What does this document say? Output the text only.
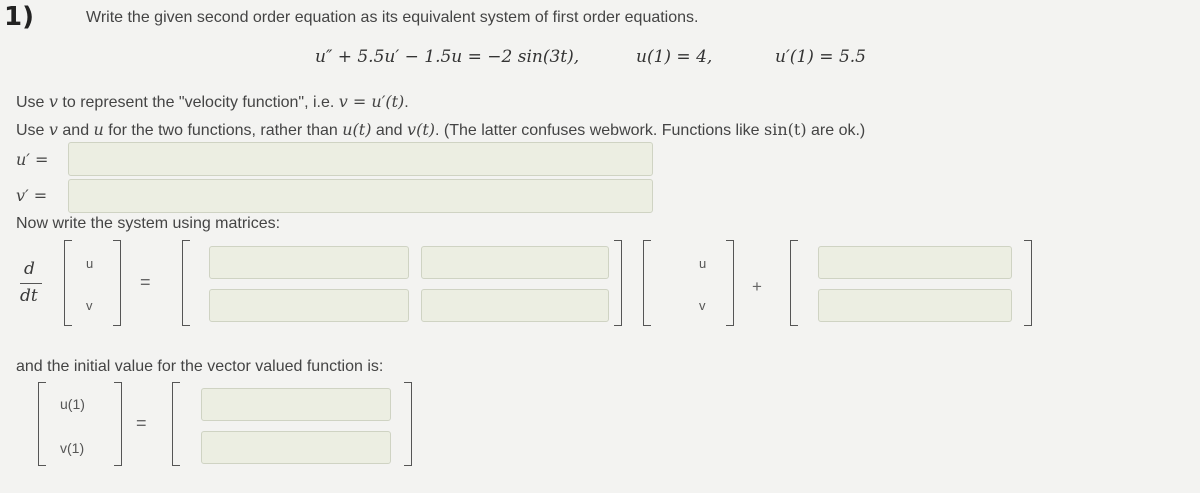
1)	Write the given second order equation as its equivalent system of first order equations.
u″ + 5.5u′ − 1.5u = −2 sin(3t),	u(1) = 4,	u′(1) = 5.5
Use v to represent the "velocity function", i.e. v = u′(t).
Use v and u for the two functions, rather than u(t) and v(t). (The latter confuses webwork. Functions like sin(t) are ok.)
u′ =
v′ =
Now write the system using matrices:
d
dt
u
v
=
u
v
+
and the initial value for the vector valued function is:
u(1)
v(1)
=
